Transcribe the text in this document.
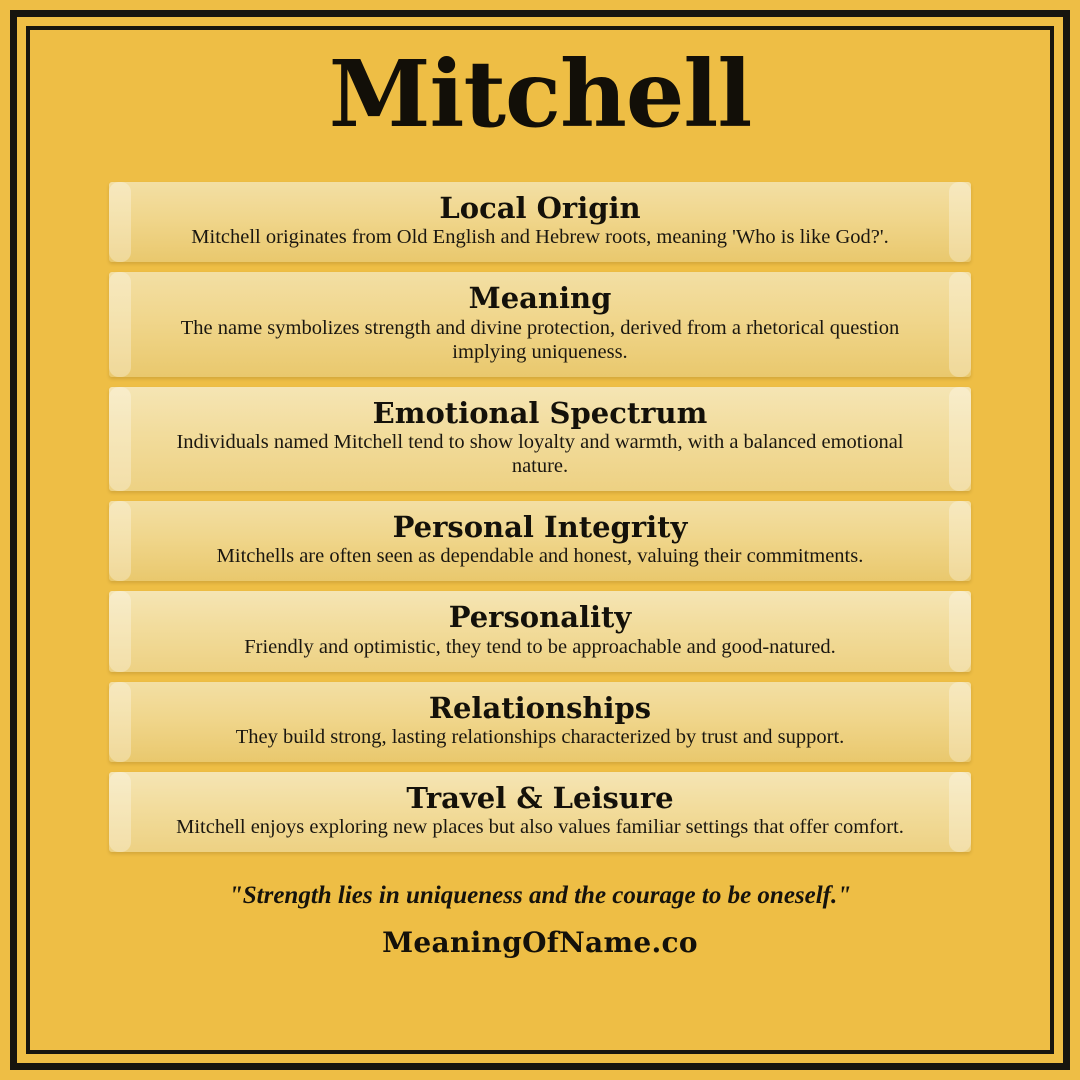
Mitchell
Local Origin
Mitchell originates from Old English and Hebrew roots, meaning 'Who is like God?'.
Meaning
The name symbolizes strength and divine protection, derived from a rhetorical question implying uniqueness.
Emotional Spectrum
Individuals named Mitchell tend to show loyalty and warmth, with a balanced emotional nature.
Personal Integrity
Mitchells are often seen as dependable and honest, valuing their commitments.
Personality
Friendly and optimistic, they tend to be approachable and good-natured.
Relationships
They build strong, lasting relationships characterized by trust and support.
Travel & Leisure
Mitchell enjoys exploring new places but also values familiar settings that offer comfort.
"Strength lies in uniqueness and the courage to be oneself."
MeaningOfName.co
